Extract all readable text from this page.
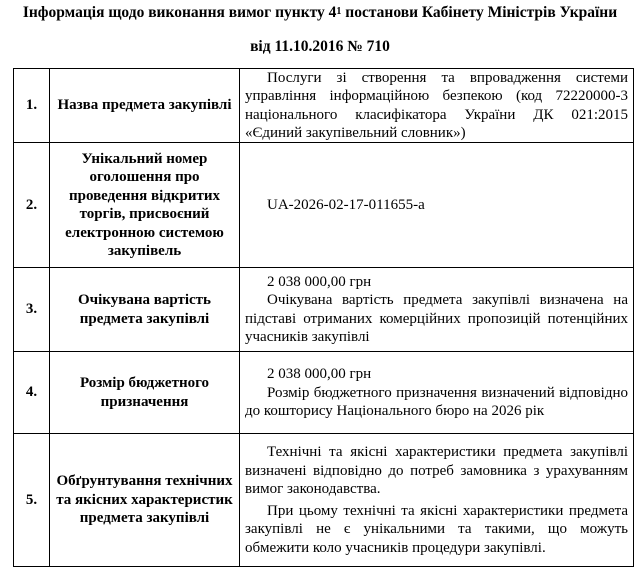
Інформація щодо виконання вимог пункту $4^1$ постанови Кабінету Міністрів України
від 11.10.2016 № 710
1.	Назва предмета закупівлі	Послуги зі створення та впровадження системи управління інформаційною безпекою (код 72220000-3 національного класифікатора України ДК 021:2015 «Єдиний закупівельний словник»)

2.	Унікальний номер оголошення про проведення відкритих торгів, присвоєний електронною системою закупівель	UA-2026-02-17-011655-a

3.	Очікувана вартість предмета закупівлі	2 038 000,00 грн

Очікувана вартість предмета закупівлі визначена на підставі отриманих комерційних пропозицій потенційних учасників закупівлі

4.	Розмір бюджетного призначення	2 038 000,00 грн

Розмір бюджетного призначення визначений відповідно до кошторису Національного бюро на 2026 рік

5.	Обґрунтування технічних та якісних характеристик предмета закупівлі	Технічні та якісні характеристики предмета закупівлі визначені відповідно до потреб замовника з урахуванням вимог законодавства.

При цьому технічні та якісні характеристики предмета закупівлі не є унікальними та такими, що можуть обмежити коло учасників процедури закупівлі.
